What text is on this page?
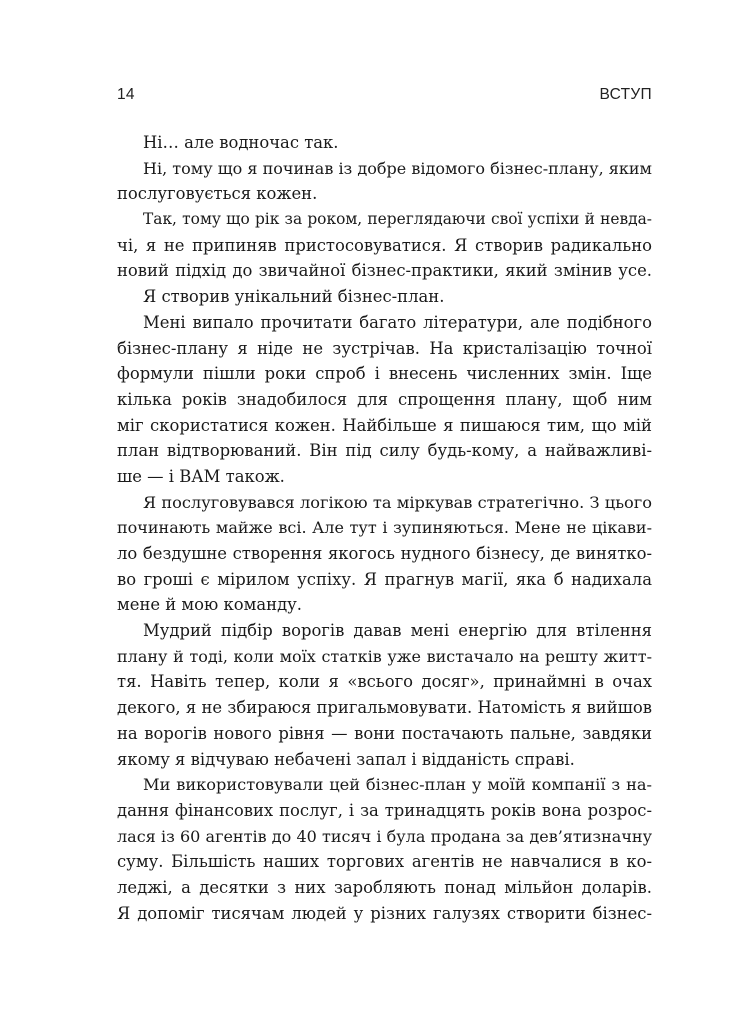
14	ВСТУП
Ні… але водночас так.
Ні, тому що я починав із добре відомого бізнес-плану, яким
послуговується кожен.
Так, тому що рік за роком, переглядаючи свої успіхи й невда-
чі, я не припиняв пристосовуватися. Я створив радикально
новий підхід до звичайної бізнес-практики, який змінив усе.
Я створив унікальний бізнес-план.
Мені випало прочитати багато літератури, але подібного
бізнес-плану я ніде не зустрічав. На кристалізацію точної
формули пішли роки спроб і внесень численних змін. Іще
кілька років знадобилося для спрощення плану, щоб ним
міг скористатися кожен. Найбільше я пишаюся тим, що мій
план відтворюваний. Він під силу будь-кому, а найважливі-
ше — і ВАМ також.
Я послуговувався логікою та міркував стратегічно. З цього
починають майже всі. Але тут і зупиняються. Мене не цікави-
ло бездушне створення якогось нудного бізнесу, де винятко-
во гроші є мірилом успіху. Я прагнув магії, яка б надихала
мене й мою команду.
Мудрий підбір ворогів давав мені енергію для втілення
плану й тоді, коли моїх статків уже вистачало на решту житт-
тя. Навіть тепер, коли я «всього досяг», принаймні в очах
декого, я не збираюся пригальмовувати. Натомість я вийшов
на ворогів нового рівня — вони постачають пальне, завдяки
якому я відчуваю небачені запал і відданість справі.
Ми використовували цей бізнес-план у моїй компанії з на-
дання фінансових послуг, і за тринадцять років вона розрос-
лася із 60 агентів до 40 тисяч і була продана за дев’ятизначну
суму. Більшість наших торгових агентів не навчалися в ко-
леджі, а десятки з них заробляють понад мільйон доларів.
Я допоміг тисячам людей у різних галузях створити бізнес-
